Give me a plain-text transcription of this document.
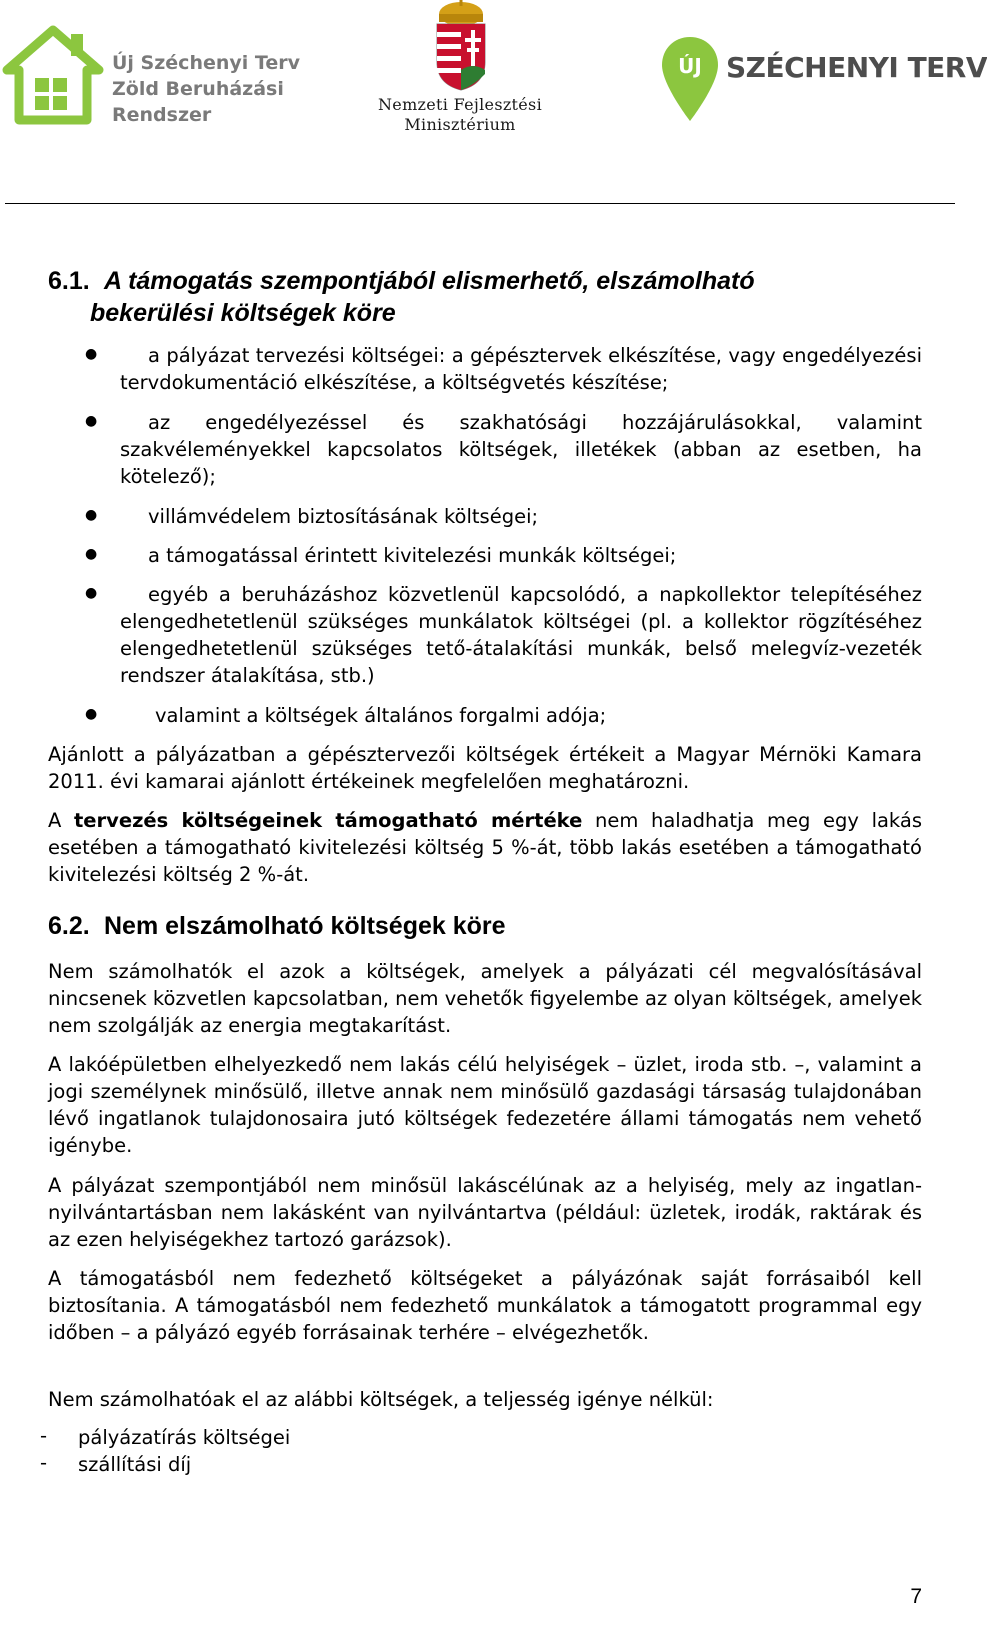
Új Széchenyi Terv
Zöld Beruházási
Rendszer	Nemzeti Fejlesztési
Minisztérium
ÚJ SZÉCHENYI TERV
6.1. A támogatás szempontjából elismerhető, elszámolható
bekerülési költségek köre
●	a pályázat tervezési költségei: a gépésztervek elkészítése, vagy engedélyezési tervdokumentáció elkészítése, a költségvetés készítése;
●	az engedélyezéssel és szakhatósági hozzájárulásokkal, valamint szakvéleményekkel kapcsolatos költségek, illetékek (abban az esetben, ha kötelező);
●	villámvédelem biztosításának költségei;
●	a támogatással érintett kivitelezési munkák költségei;
●	egyéb a beruházáshoz közvetlenül kapcsolódó, a napkollektor telepítéséhez elengedhetetlenül szükséges munkálatok költségei (pl. a kollektor rögzítéséhez elengedhetetlenül szükséges tető-átalakítási munkák, belső melegvíz-vezeték rendszer átalakítása, stb.)
●	valamint a költségek általános forgalmi adója;
Ajánlott a pályázatban a gépésztervezői költségek értékeit a Magyar Mérnöki Kamara 2011. évi kamarai ajánlott értékeinek megfelelően meghatározni.
A tervezés költségeinek támogatható mértéke nem haladhatja meg egy lakás esetében a támogatható kivitelezési költség 5 %-át, több lakás esetében a támogatható kivitelezési költség 2 %-át.
6.2. Nem elszámolható költségek köre
Nem számolhatók el azok a költségek, amelyek a pályázati cél megvalósításával nincsenek közvetlen kapcsolatban, nem vehetők figyelembe az olyan költségek, amelyek nem szolgálják az energia megtakarítást.
A lakóépületben elhelyezkedő nem lakás célú helyiségek – üzlet, iroda stb. –, valamint a jogi személynek minősülő, illetve annak nem minősülő gazdasági társaság tulajdonában lévő ingatlanok tulajdonosaira jutó költségek fedezetére állami támogatás nem vehető igénybe.
A pályázat szempontjából nem minősül lakáscélúnak az a helyiség, mely az ingatlan-nyilvántartásban nem lakásként van nyilvántartva (például: üzletek, irodák, raktárak és az ezen helyiségekhez tartozó garázsok).
A támogatásból nem fedezhető költségeket a pályázónak saját forrásaiból kell biztosítania. A támogatásból nem fedezhető munkálatok a támogatott programmal egy időben – a pályázó egyéb forrásainak terhére – elvégezhetők.
Nem számolhatóak el az alábbi költségek, a teljesség igénye nélkül:
- pályázatírás költségei
- szállítási díj
7
